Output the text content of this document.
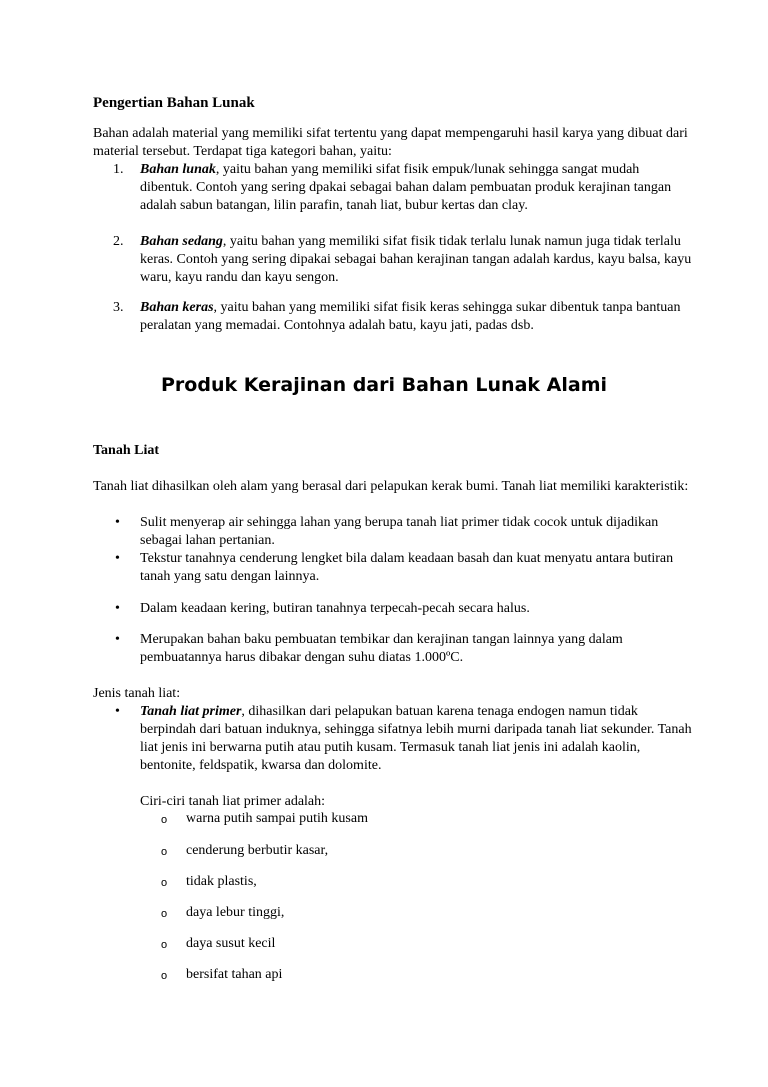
Pengertian Bahan Lunak

Bahan adalah material yang memiliki sifat tertentu yang dapat mempengaruhi hasil karya yang dibuat dari material tersebut. Terdapat tiga kategori bahan, yaitu:

1. Bahan lunak, yaitu bahan yang memiliki sifat fisik empuk/lunak sehingga sangat mudah dibentuk. Contoh yang sering dpakai sebagai bahan dalam pembuatan produk kerajinan tangan adalah sabun batangan, lilin parafin, tanah liat, bubur kertas dan clay.
2. Bahan sedang, yaitu bahan yang memiliki sifat fisik tidak terlalu lunak namun juga tidak terlalu keras. Contoh yang sering dipakai sebagai bahan kerajinan tangan adalah kardus, kayu balsa, kayu waru, kayu randu dan kayu sengon.
3. Bahan keras, yaitu bahan yang memiliki sifat fisik keras sehingga sukar dibentuk tanpa bantuan peralatan yang memadai. Contohnya adalah batu, kayu jati, padas dsb.
Produk Kerajinan dari Bahan Lunak Alami
Tanah Liat

Tanah liat dihasilkan oleh alam yang berasal dari pelapukan kerak bumi. Tanah liat memiliki karakteristik:

• Sulit menyerap air sehingga lahan yang berupa tanah liat primer tidak cocok untuk dijadikan sebagai lahan pertanian.
• Tekstur tanahnya cenderung lengket bila dalam keadaan basah dan kuat menyatu antara butiran tanah yang satu dengan lainnya.
• Dalam keadaan kering, butiran tanahnya terpecah-pecah secara halus.
• Merupakan bahan baku pembuatan tembikar dan kerajinan tangan lainnya yang dalam pembuatannya harus dibakar dengan suhu diatas 1.000ºC.

Jenis tanah liat:

• Tanah liat primer, dihasilkan dari pelapukan batuan karena tenaga endogen namun tidak berpindah dari batuan induknya, sehingga sifatnya lebih murni daripada tanah liat sekunder. Tanah liat jenis ini berwarna putih atau putih kusam. Termasuk tanah liat jenis ini adalah kaolin, bentonite, feldspatik, kwarsa dan dolomite.

Ciri-ciri tanah liat primer adalah:

o warna putih sampai putih kusam
o cenderung berbutir kasar,
o tidak plastis,
o daya lebur tinggi,
o daya susut kecil
o bersifat tahan api
